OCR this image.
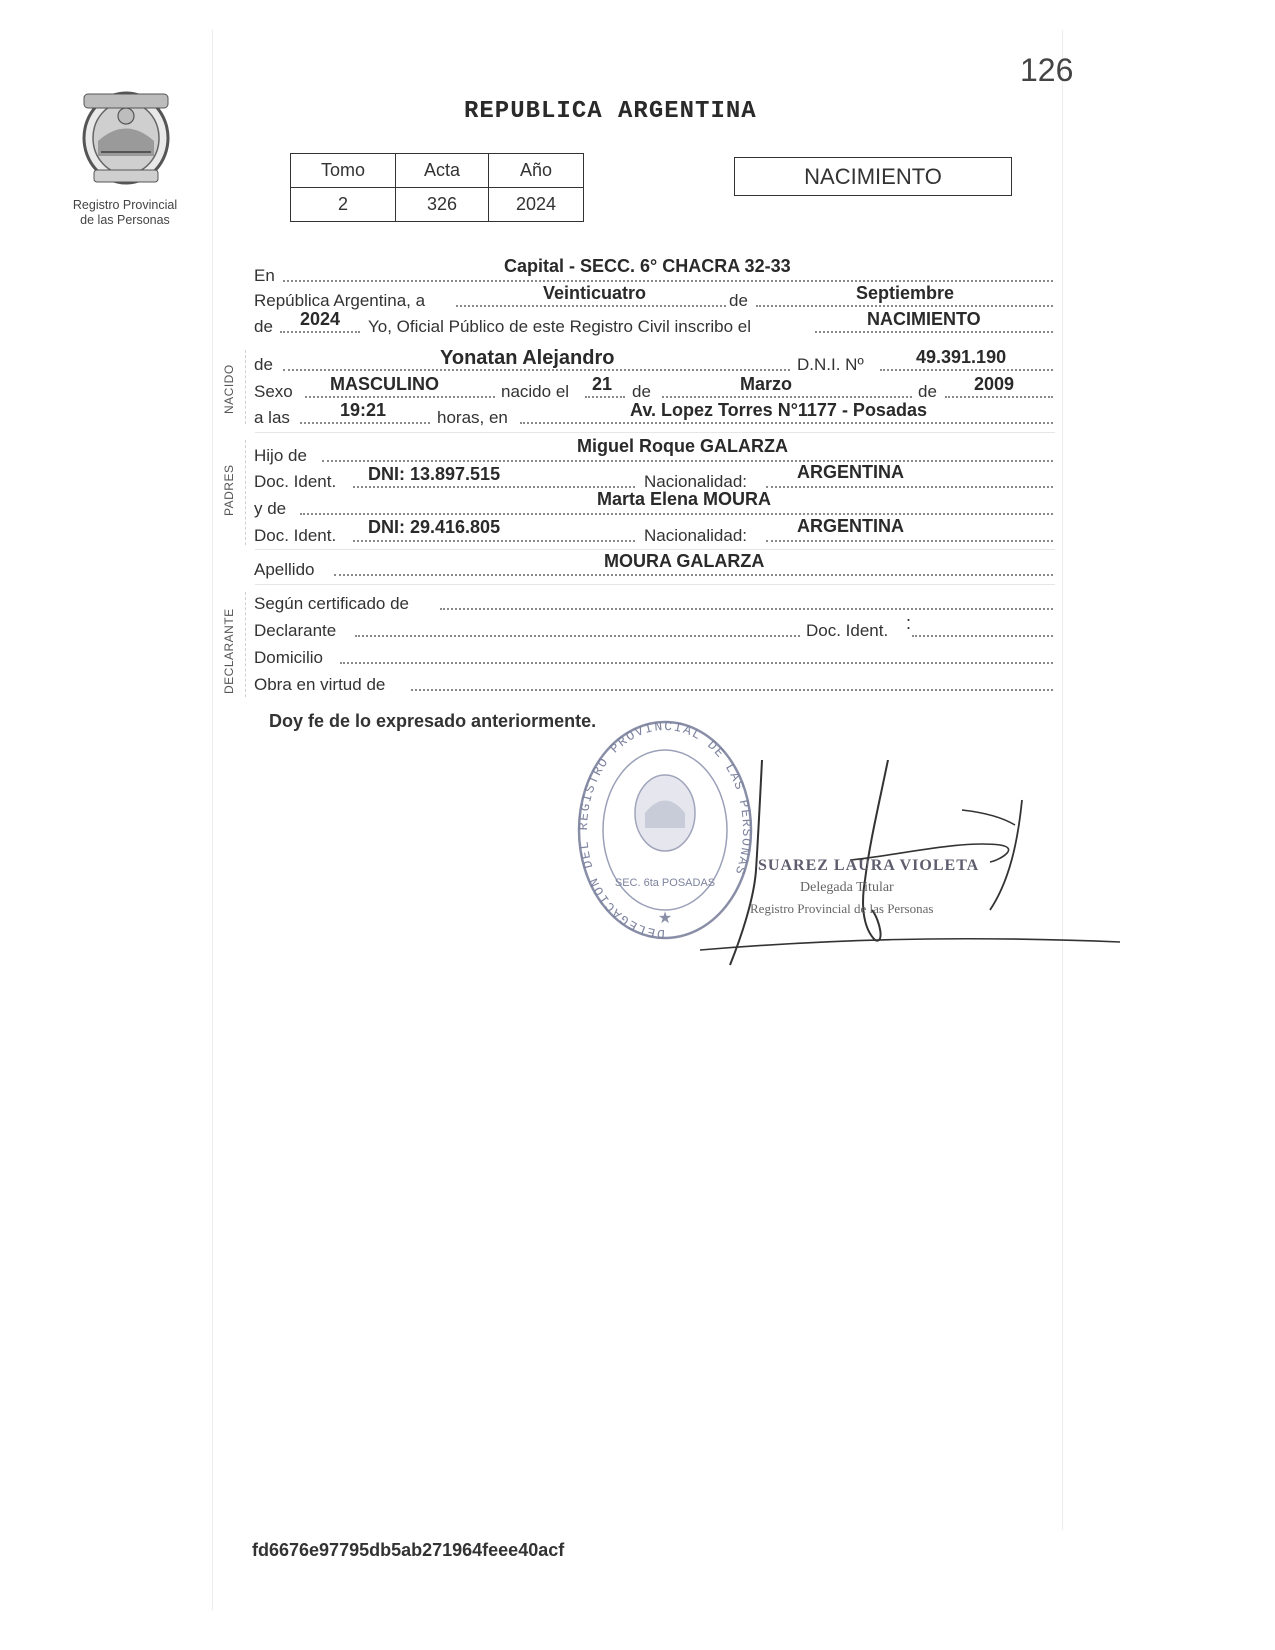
126
Registro Provincial
de las Personas
REPUBLICA ARGENTINA
Tomo	Acta	Año
2	326	2024
NACIMIENTO
En	Capital - SECC. 6° CHACRA 32-33
República Argentina, a	Veinticuatro	de	Septiembre
de 2024 Yo, Oficial Público de este Registro Civil inscribo el	NACIMIENTO
NACIDO de	Yonatan Alejandro	D.N.I. Nº	49.391.190
Sexo MASCULINO	nacido el 21 de	Marzo	de 2009
a las	19:21	horas, en	Av. Lopez Torres N°1177 - Posadas
PADRES
Hijo de	Miguel Roque GALARZA
Doc. Ident. DNI: 13.897.515	Nacionalidad:	ARGENTINA
y de	Marta Elena MOURA
Doc. Ident. DNI: 29.416.805	Nacionalidad:	ARGENTINA
Apellido	MOURA GALARZA
DECLARANTE
Según certificado de
Declarante	Doc. Ident. :
Domicilio
Obra en virtud de
Doy fe de lo expresado anteriormente.
DELEGACION DEL REGISTRO PROVINCIAL DE LAS PERSONAS
SEC. 6ta POSADAS
★
SUAREZ LAURA VIOLETA
Delegada Titular
Registro Provincial de las Personas
fd6676e97795db5ab271964feee40acf
